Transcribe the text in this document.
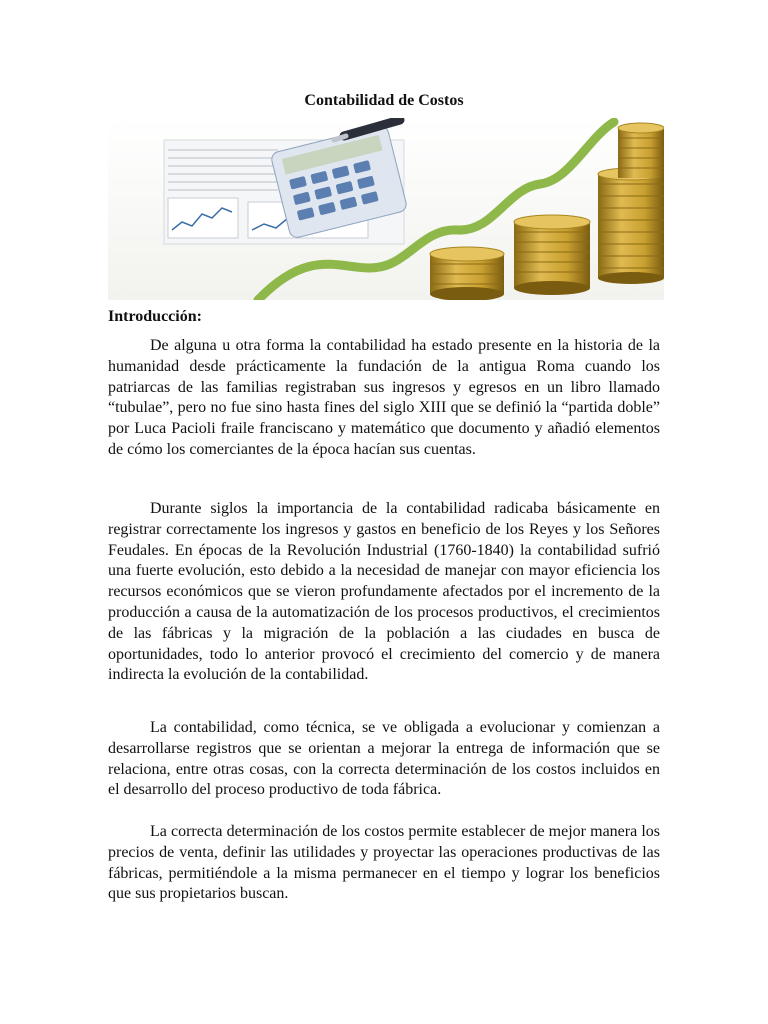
Contabilidad de Costos
Introducción:

De alguna u otra forma la contabilidad ha estado presente en la historia de la humanidad desde prácticamente la fundación de la antigua Roma cuando los patriarcas de las familias registraban sus ingresos y egresos en un libro llamado “tubulae”, pero no fue sino hasta fines del siglo XIII que se definió la “partida doble” por Luca Pacioli fraile franciscano y matemático que documento y añadió elementos de cómo los comerciantes de la época hacían sus cuentas.

Durante siglos la importancia de la contabilidad radicaba básicamente en registrar correctamente los ingresos y gastos en beneficio de los Reyes y los Señores Feudales. En épocas de la Revolución Industrial (1760-1840) la contabilidad sufrió una fuerte evolución, esto debido a la necesidad de manejar con mayor eficiencia los recursos económicos que se vieron profundamente afectados por el incremento de la producción a causa de la automatización de los procesos productivos, el crecimientos de las fábricas y la migración de la población a las ciudades en busca de oportunidades, todo lo anterior provocó el crecimiento del comercio y de manera indirecta la evolución de la contabilidad.

La contabilidad, como técnica, se ve obligada a evolucionar y comienzan a desarrollarse registros que se orientan a mejorar la entrega de información que se relaciona, entre otras cosas, con la correcta determinación de los costos incluidos en el desarrollo del proceso productivo de toda fábrica.

La correcta determinación de los costos permite establecer de mejor manera los precios de venta, definir las utilidades y proyectar las operaciones productivas de las fábricas, permitiéndole a la misma permanecer en el tiempo y lograr los beneficios que sus propietarios buscan.
